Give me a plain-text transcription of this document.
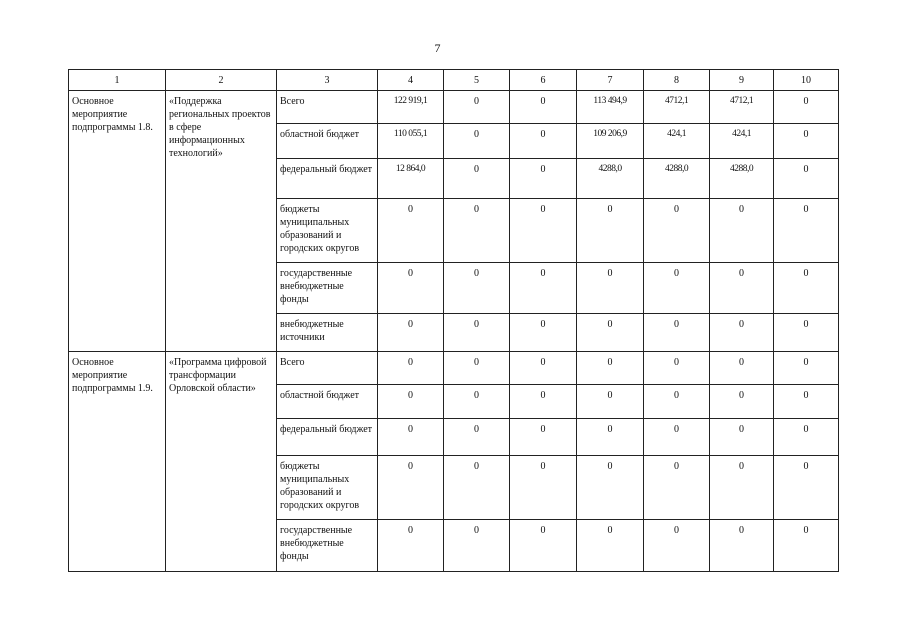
7
1	2	3	4	5	6	7	8	9	10
Основное мероприятие подпрограммы 1.8.	«Поддержка региональных проектов в сфере информационных технологий»	Всего	122 919,1	0	0	113 494,9	4712,1	4712,1	0
		областной бюджет	110 055,1	0	0	109 206,9	424,1	424,1	0
		федеральный бюджет	12 864,0	0	0	4288,0	4288,0	4288,0	0
		бюджеты муниципальных образований и городских округов	0	0	0	0	0	0	0
		государственные внебюджетные фонды	0	0	0	0	0	0	0
		внебюджетные источники	0	0	0	0	0	0	0
Основное мероприятие подпрограммы 1.9.	«Программа цифровой трансформации Орловской области»	Всего	0	0	0	0	0	0	0
		областной бюджет	0	0	0	0	0	0	0
		федеральный бюджет	0	0	0	0	0	0	0
		бюджеты муниципальных образований и городских округов	0	0	0	0	0	0	0
		государственные внебюджетные фонды	0	0	0	0	0	0	0
